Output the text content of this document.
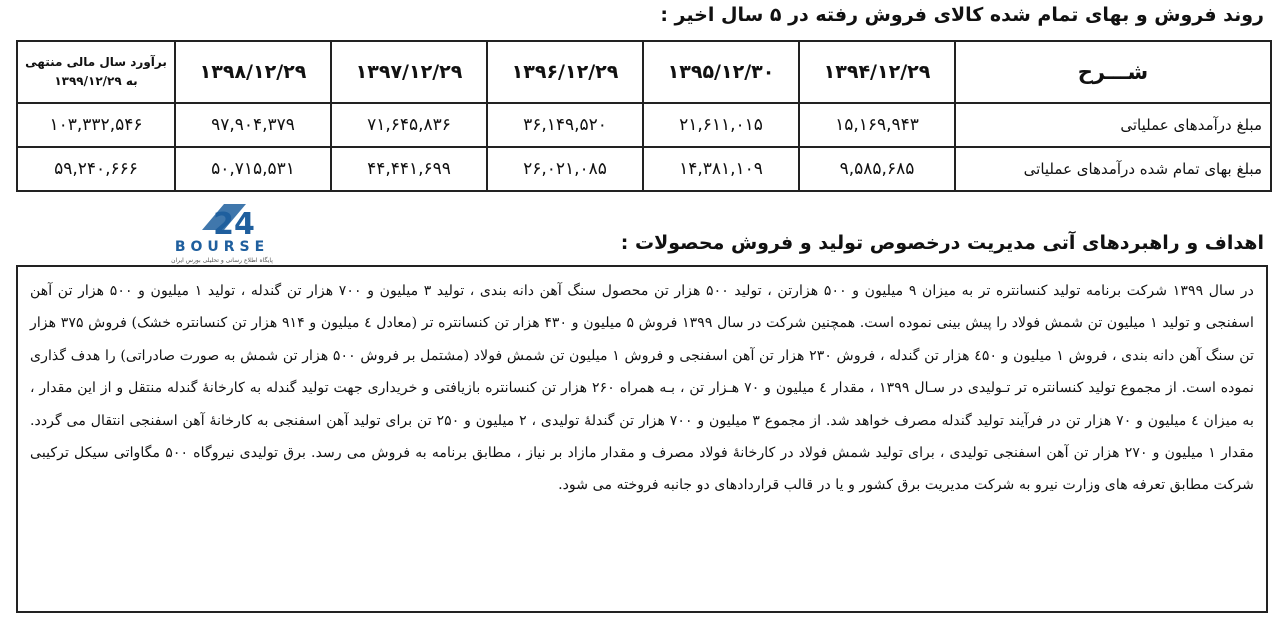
روند فروش و بهای تمام شده کالای فروش رفته در ۵ سال اخیر :
شـــرح	۱۳۹۴/۱۲/۲۹	۱۳۹۵/۱۲/۳۰	۱۳۹۶/۱۲/۲۹	۱۳۹۷/۱۲/۲۹	۱۳۹۸/۱۲/۲۹	برآورد سال مالی منتهی به ۱۳۹۹/۱۲/۲۹
مبلغ درآمدهای عملیاتی	۱۵,۱۶۹,۹۴۳	۲۱,۶۱۱,۰۱۵	۳۶,۱۴۹,۵۲۰	۷۱,۶۴۵,۸۳۶	۹۷,۹۰۴,۳۷۹	۱۰۳,۳۳۲,۵۴۶
مبلغ بهای تمام شده درآمدهای عملیاتی	۹,۵۸۵,۶۸۵	۱۴,۳۸۱,۱۰۹	۲۶,۰۲۱,۰۸۵	۴۴,۴۴۱,۶۹۹	۵۰,۷۱۵,۵۳۱	۵۹,۲۴۰,۶۶۶
24
BOURSE
پایگاه اطلاع رسانی و تحلیلی بورس ایران
اهداف و راهبردهای آتی مدیریت درخصوص تولید و فروش محصولات :
در سال ۱۳۹۹ شرکت برنامه تولید کنسانتره تر به میزان ۹ میلیون و ۵۰۰ هزارتن ، تولید ۵۰۰ هزار تن محصول سنگ آهن دانه بندی ، تولید ۳ میلیون و ۷۰۰ هزار تن گندله ، تولید ۱ میلیون و ۵۰۰ هزار تن آهن اسفنجی و تولید ۱ میلیون تن شمش فولاد را پیش بینی نموده است. همچنین شرکت در سال ۱۳۹۹ فروش ۵ میلیون و ۴۳۰ هزار تن کنسانتره تر (معادل ٤ میلیون و ۹۱۴ هزار تن کنسانتره خشک) فروش ۳۷۵ هزار تن سنگ آهن دانه بندی ، فروش ۱ میلیون و ٤۵۰ هزار تن گندله ، فروش ۲۳۰ هزار تن آهن اسفنجی و فروش ۱ میلیون تن شمش فولاد (مشتمل بر فروش ۵۰۰ هزار تن شمش به صورت صادراتی) را هدف گذاری نموده است. از مجموع تولید کنسانتره تر تـولیدی در سـال ۱۳۹۹ ، مقدار ٤ میلیون و ۷۰ هـزار تن ، بـه همراه ۲۶۰ هزار تن کنسانتره بازیافتی و خریداری جهت تولید گندله به کارخانهٔ گندله منتقل و از این مقدار ، به میزان ٤ میلیون و ۷۰ هزار تن در فرآیند تولید گندله مصرف خواهد شد. از مجموع ۳ میلیون و ۷۰۰ هزار تن گندلهٔ تولیدی ، ۲ میلیون و ۲۵۰ تن برای تولید آهن اسفنجی به کارخانهٔ آهن اسفنجی انتقال می گردد. مقدار ۱ میلیون و ۲۷۰ هزار تن آهن اسفنجی تولیدی ، برای تولید شمش فولاد در کارخانهٔ فولاد مصرف و مقدار مازاد بر نیاز ، مطابق برنامه به فروش می رسد. برق تولیدی نیروگاه ۵۰۰ مگاواتی سیکل ترکیبی شرکت مطابق تعرفه های وزارت نیرو به شرکت مدیریت برق کشور و یا در قالب قراردادهای دو جانبه فروخته می شود.
